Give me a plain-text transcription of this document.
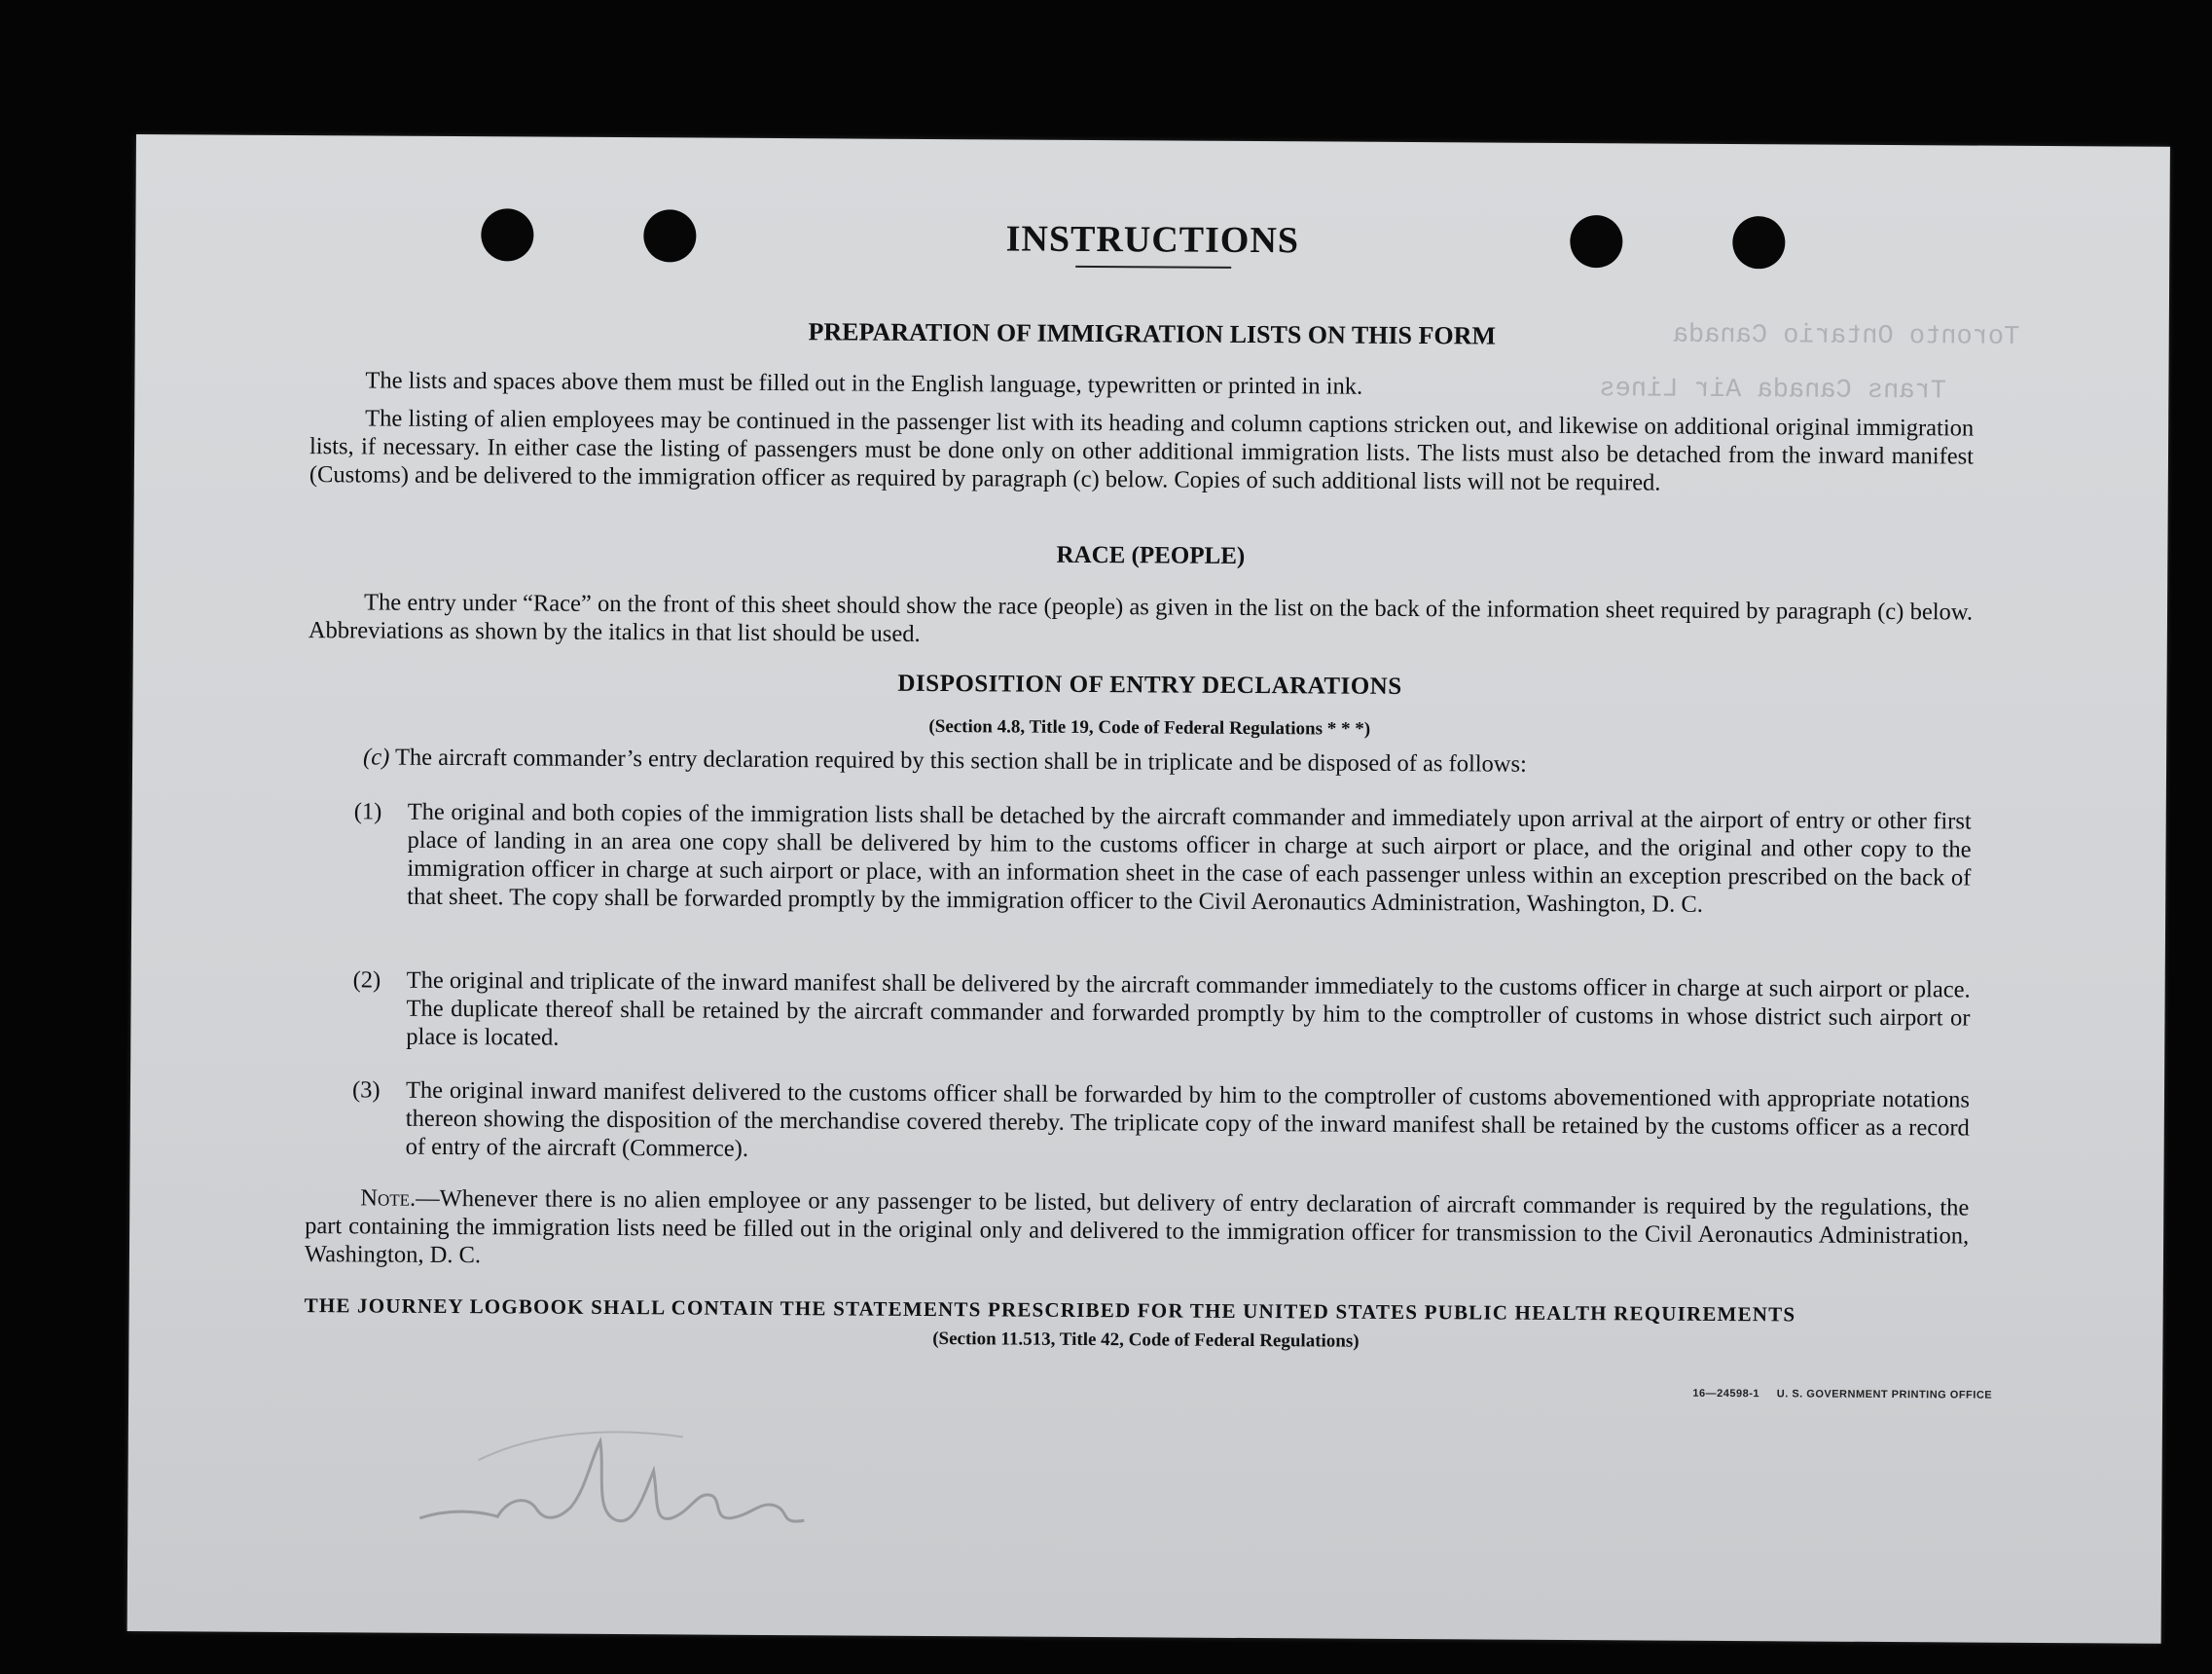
Toronto Ontario Canada
Trans Canada Air Lines
INSTRUCTIONS
PREPARATION OF IMMIGRATION LISTS ON THIS FORM
The lists and spaces above them must be filled out in the English language, typewritten or printed in ink.
The listing of alien employees may be continued in the passenger list with its heading and column captions stricken out, and likewise on additional original immigration lists, if necessary. In either case the listing of passengers must be done only on other additional immigration lists. The lists must also be detached from the inward manifest (Customs) and be delivered to the immigration officer as required by paragraph (c) below. Copies of such additional lists will not be required.
RACE (PEOPLE)
The entry under “Race” on the front of this sheet should show the race (people) as given in the list on the back of the information sheet required by paragraph (c) below. Abbreviations as shown by the italics in that list should be used.
DISPOSITION OF ENTRY DECLARATIONS
(Section 4.8, Title 19, Code of Federal Regulations * * *)
(c) The aircraft commander’s entry declaration required by this section shall be in triplicate and be disposed of as follows:
(1) The original and both copies of the immigration lists shall be detached by the aircraft commander and immediately upon arrival at the airport of entry or other first place of landing in an area one copy shall be delivered by him to the customs officer in charge at such airport or place, and the original and other copy to the immigration officer in charge at such airport or place, with an information sheet in the case of each passenger unless within an exception prescribed on the back of that sheet. The copy shall be forwarded promptly by the immigration officer to the Civil Aeronautics Administration, Washington, D. C.
(2) The original and triplicate of the inward manifest shall be delivered by the aircraft commander immediately to the customs officer in charge at such airport or place. The duplicate thereof shall be retained by the aircraft commander and forwarded promptly by him to the comptroller of customs in whose district such airport or place is located.
(3) The original inward manifest delivered to the customs officer shall be forwarded by him to the comptroller of customs abovementioned with appropriate notations thereon showing the disposition of the merchandise covered thereby. The triplicate copy of the inward manifest shall be retained by the customs officer as a record of entry of the aircraft (Commerce).
Note.—Whenever there is no alien employee or any passenger to be listed, but delivery of entry declaration of aircraft commander is required by the regulations, the part containing the immigration lists need be filled out in the original only and delivered to the immigration officer for transmission to the Civil Aeronautics Administration, Washington, D. C.
THE JOURNEY LOGBOOK SHALL CONTAIN THE STATEMENTS PRESCRIBED FOR THE UNITED STATES PUBLIC HEALTH REQUIREMENTS
(Section 11.513, Title 42, Code of Federal Regulations)
16—24598-1 U. S. GOVERNMENT PRINTING OFFICE
